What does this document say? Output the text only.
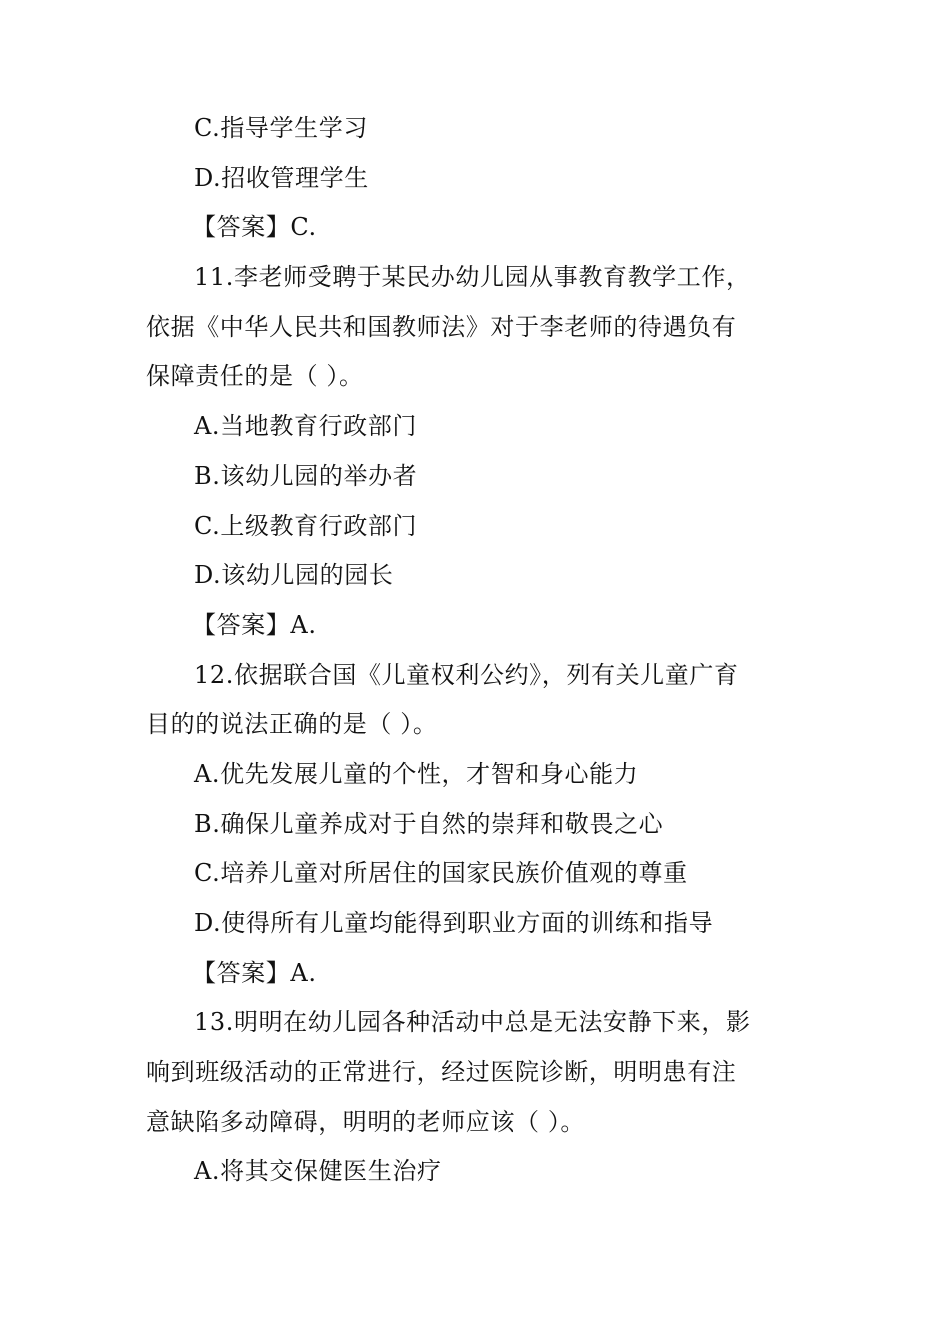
C.指导学生学习
D.招收管理学生
【答案】C.
11.李老师受聘于某民办幼儿园从事教育教学工作，
依据《中华人民共和国教师法》对于李老师的待遇负有
保障责任的是（ ）。
A.当地教育行政部门
B.该幼儿园的举办者
C.上级教育行政部门
D.该幼儿园的园长
【答案】A.
12.依据联合国《儿童权利公约》，列有关儿童广育
目的的说法正确的是（ ）。
A.优先发展儿童的个性，才智和身心能力
B.确保儿童养成对于自然的崇拜和敬畏之心
C.培养儿童对所居住的国家民族价值观的尊重
D.使得所有儿童均能得到职业方面的训练和指导
【答案】A.
13.明明在幼儿园各种活动中总是无法安静下来，影
响到班级活动的正常进行，经过医院诊断，明明患有注
意缺陷多动障碍，明明的老师应该（ ）。
A.将其交保健医生治疗
